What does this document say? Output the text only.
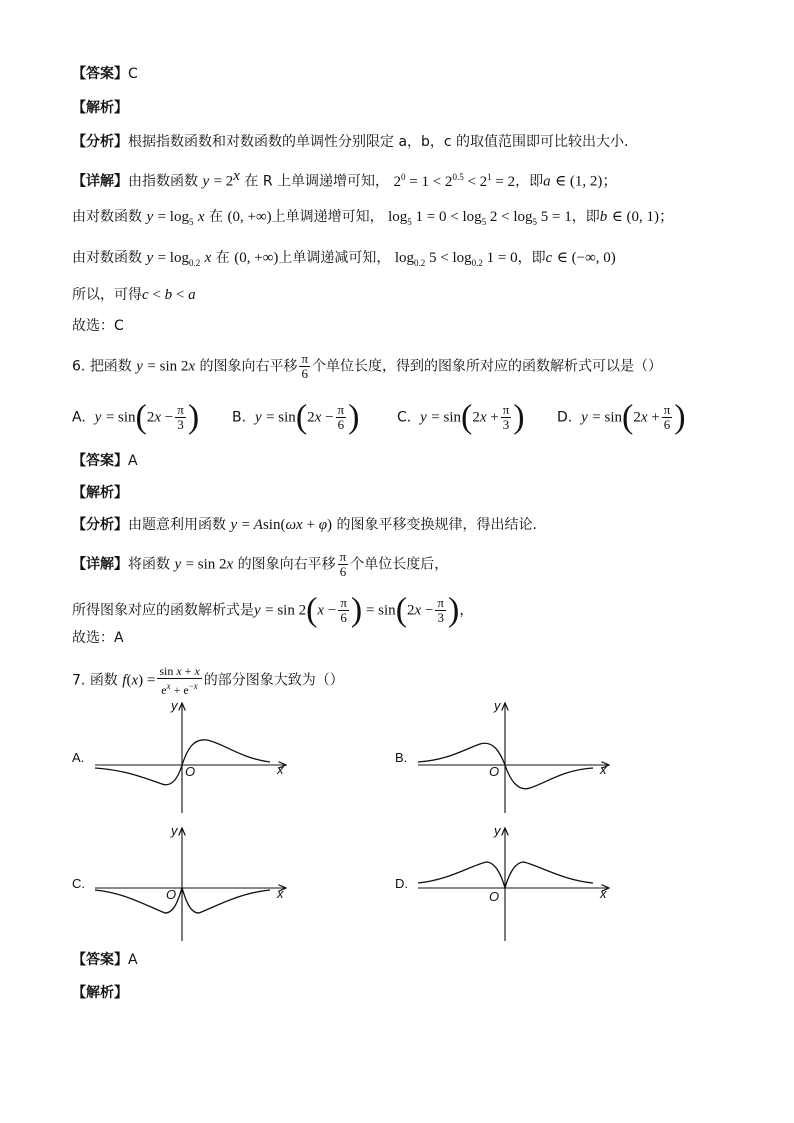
【答案】C
【解析】
【分析】根据指数函数和对数函数的单调性分别限定 a，b，c 的取值范围即可比较出大小.
【详解】由指数函数 $y = 2^x$ 在 R 上单调递增可知， $2^0 = 1 < 2^{0.5} < 2^1 = 2$，即a ∈ (1, 2)；
由对数函数 $y = \log_5 x$ 在 (0, +∞)上单调递增可知， $\log_5 1 = 0 < \log_5 2 < \log_5 5 = 1$，即b ∈ (0, 1)；
由对数函数 $y = \log_{0.2} x$ 在 (0, +∞)上单调递减可知， $\log_{0.2} 5 < \log_{0.2} 1 = 0$，即c ∈ (−∞, 0)
所以，可得c < b < a
故选：C
6. 把函数 y = sin 2x 的图象向右平移 $\frac{\pi}{6}$ 个单位长度，得到的图象所对应的函数解析式可以是（）
A. $y = \sin(2x - \frac{\pi}{3}$ ) B. $y = \sin(2x - \frac{\pi}{6}$ )	C. $y = \sin(2x + \frac{\pi}{3}$ ) D. $y = \sin(2x + \frac{\pi}{6}$ )
【答案】A
【解析】
【分析】由题意利用函数 y = Asin(ωx + φ) 的图象平移变换规律，得出结论.
【详解】将函数 y = sin 2x 的图象向右平移 $\frac{\pi}{6}$ 个单位长度后，
所得图象对应的函数解析式是$y = \sin 2(x - \frac{\pi}{6}$ ) = $\sin(2x - \frac{\pi}{3}$ )，
故选：A
7. 函数 $f(x) = \frac{\text{sin x + x}}{e^x + e^{-x}}$ 的部分图象大致为（）
A.
y
x
O
B.
y
x
O
C.
y
x
O
D.
y
x
O
【答案】A
【解析】
